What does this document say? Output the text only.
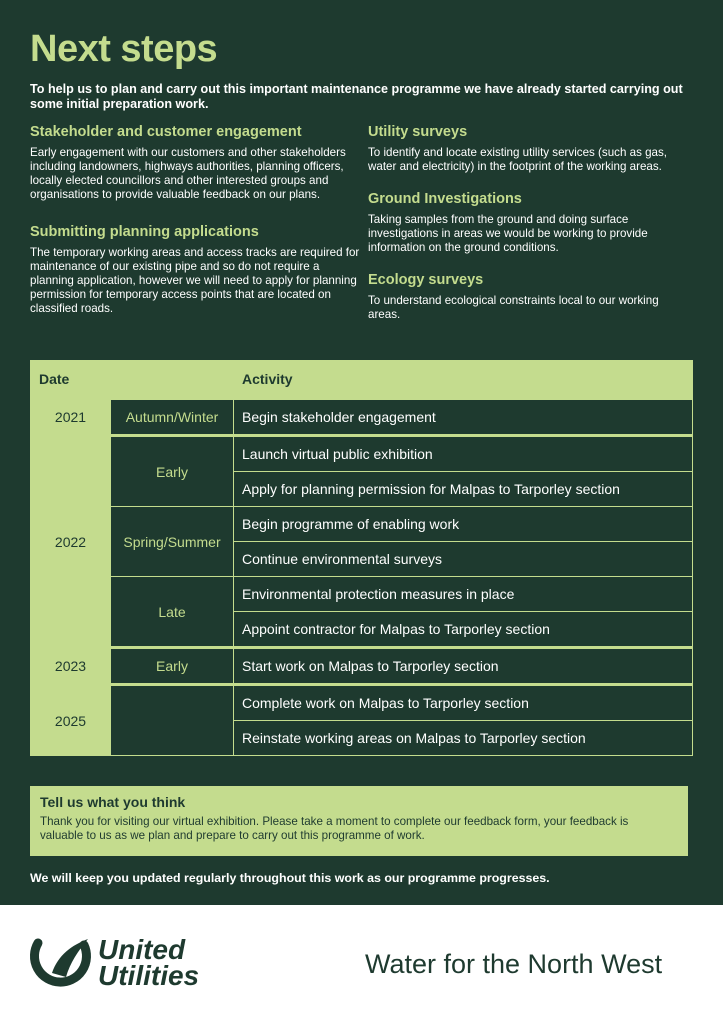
Next steps
To help us to plan and carry out this important maintenance programme we have already started carrying out some initial preparation work.
Stakeholder and customer engagement

Early engagement with our customers and other stakeholders including landowners, highways authorities, planning officers, locally elected councillors and other interested groups and organisations to provide valuable feedback on our plans.

Submitting planning applications

The temporary working areas and access tracks are required for maintenance of our existing pipe and so do not require a planning application, however we will need to apply for planning permission for temporary access points that are located on classified roads.

Utility surveys

To identify and locate existing utility services (such as gas, water and electricity) in the footprint of the working areas.

Ground Investigations

Taking samples from the ground and doing surface investigations in areas we would be working to provide information on the ground conditions.

Ecology surveys

To understand ecological constraints local to our working areas.

Date		Activity
2021	Autumn/Winter	Begin stakeholder engagement
2022	Early	Launch virtual public exhibition
		Apply for planning permission for Malpas to Tarporley section
	Spring/Summer	Begin programme of enabling work
		Continue environmental surveys
	Late	Environmental protection measures in place
		Appoint contractor for Malpas to Tarporley section
2023	Early	Start work on Malpas to Tarporley section
2025		Complete work on Malpas to Tarporley section
		Reinstate working areas on Malpas to Tarporley section
Tell us what you think

Thank you for visiting our virtual exhibition. Please take a moment to complete our feedback form, your feedback is valuable to us as we plan and prepare to carry out this programme of work.

We will keep you updated regularly throughout this work as our programme progresses.
United
Utilities	Water for the North West
